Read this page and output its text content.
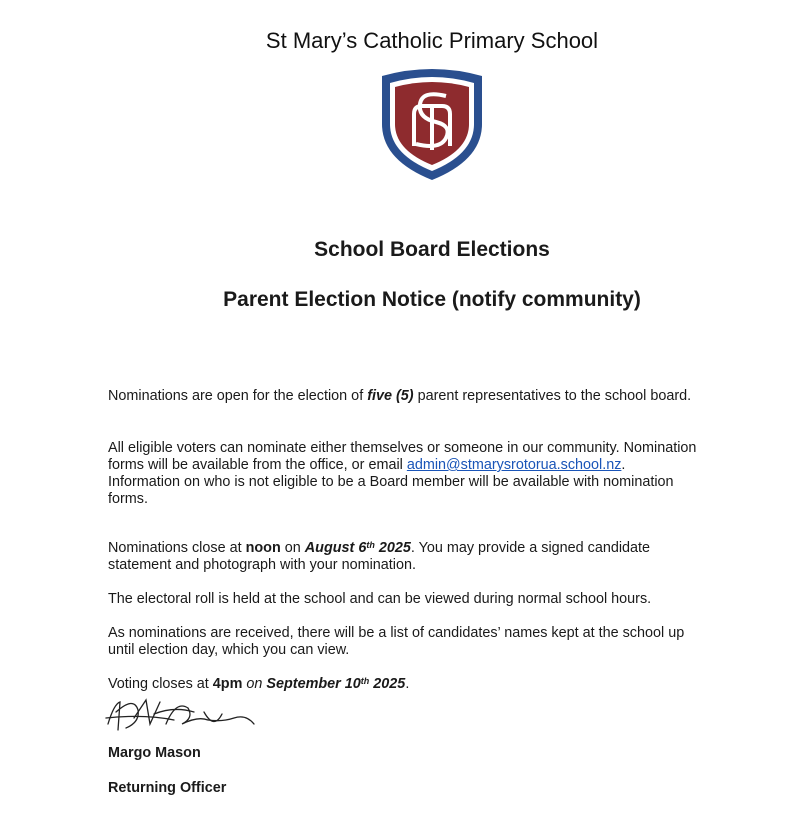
St Mary’s Catholic Primary School
School Board Elections
Parent Election Notice (notify community)
Nominations are open for the election of five (5) parent representatives to the school board.
All eligible voters can nominate either themselves or someone in our community. Nomination forms will be available from the office, or email admin@stmarysrotorua.school.nz. Information on who is not eligible to be a Board member will be available with nomination forms.
Nominations close at noon on August 6th 2025. You may provide a signed candidate statement and photograph with your nomination.
The electoral roll is held at the school and can be viewed during normal school hours.
As nominations are received, there will be a list of candidates’ names kept at the school up until election day, which you can view.
Voting closes at 4pm on September 10th 2025.
Margo Mason
Returning Officer
